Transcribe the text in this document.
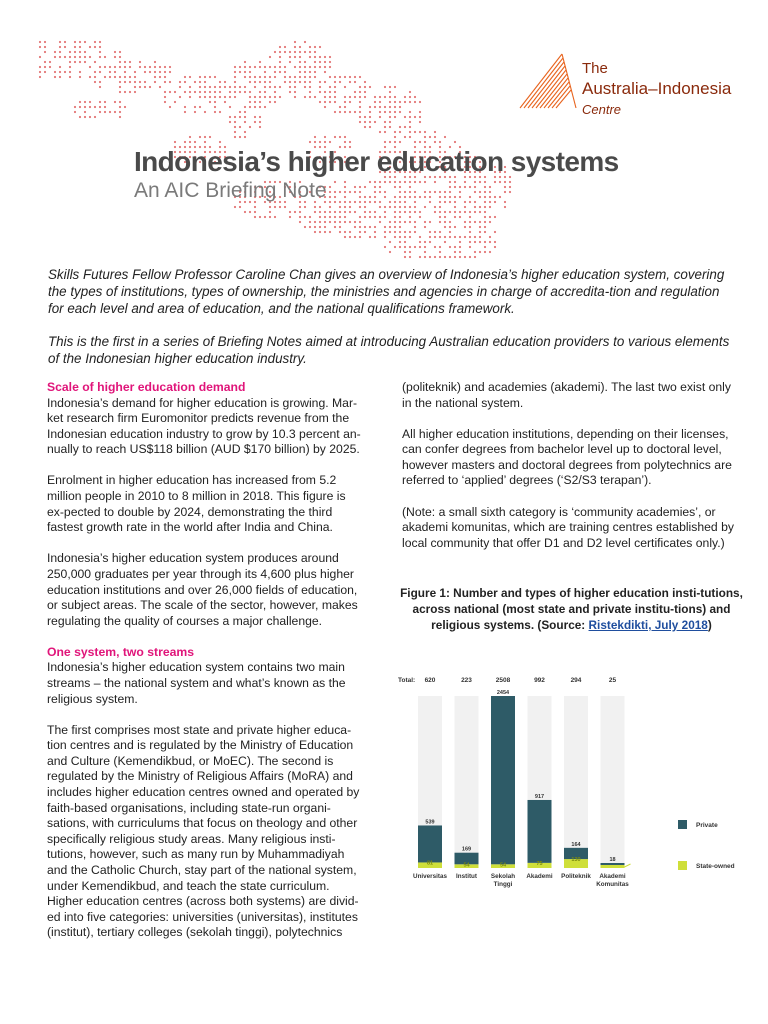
The
Australia–Indonesia
Centre
Indonesia’s higher education systems
An AIC Briefing Note

Skills Futures Fellow Professor Caroline Chan gives an overview of Indonesia’s higher education system, covering the types of institutions, types of ownership, the ministries and agencies in charge of accredita-tion and regulation for each level and area of education, and the national qualifications framework.

This is the first in a series of Briefing Notes aimed at introducing Australian education providers to various elements of the Indonesian higher education industry.

Scale of higher education demand

Indonesia’s demand for higher education is growing. Mar-ket research firm Euromonitor predicts revenue from the Indonesian education industry to grow by 10.3 percent an-nually to reach US$118 billion (AUD $170 billion) by 2025.

Enrolment in higher education has increased from 5.2 million people in 2010 to 8 million in 2018. This figure is ex-pected to double by 2024, demonstrating the third fastest growth rate in the world after India and China.

Indonesia’s higher education system produces around 250,000 graduates per year through its 4,600 plus higher education institutions and over 26,000 fields of education, or subject areas. The scale of the sector, however, makes regulating the quality of courses a major challenge.

One system, two streams

Indonesia’s higher education system contains two main streams – the national system and what’s known as the religious system.

The first comprises most state and private higher educa-tion centres and is regulated by the Ministry of Education and Culture (Kemendikbud, or MoEC). The second is regulated by the Ministry of Religious Affairs (MoRA) and includes higher education centres owned and operated by faith-based organisations, including state-run organi-sations, with curriculums that focus on theology and other specifically religious study areas. Many religious insti-tutions, however, such as many run by Muhammadiyah and the Catholic Church, stay part of the national system, under Kemendikbud, and teach the state curriculum. Higher education centres (across both systems) are divid-ed into five categories: universities (universitas), institutes (institut), tertiary colleges (sekolah tinggi), polytechnics

(politeknik) and academies (akademi). The last two exist only in the national system.

All higher education institutions, depending on their licenses, can confer degrees from bachelor level up to doctoral level, however masters and doctoral degrees from polytechnics are referred to ‘applied’ degrees (‘S2/S3 terapan’).

(Note: a small sixth category is ‘community academies’, or akademi komunitas, which are training centres established by local community that offer D1 and D2 level certificates only.)

Figure 1: Number and types of higher education insti-tutions, across national (most state and private institu-tions) and religious systems. (Source: Ristekdikti, July 2018)
Total: 620
539
81
Universitas
223
169
54
Institut
2508
2454
54
Sekolah
Tinggi
992
917
75
Akademi
294
164
130
Politeknik
25
18
Akademi
Komunitas
Private
State-owned
